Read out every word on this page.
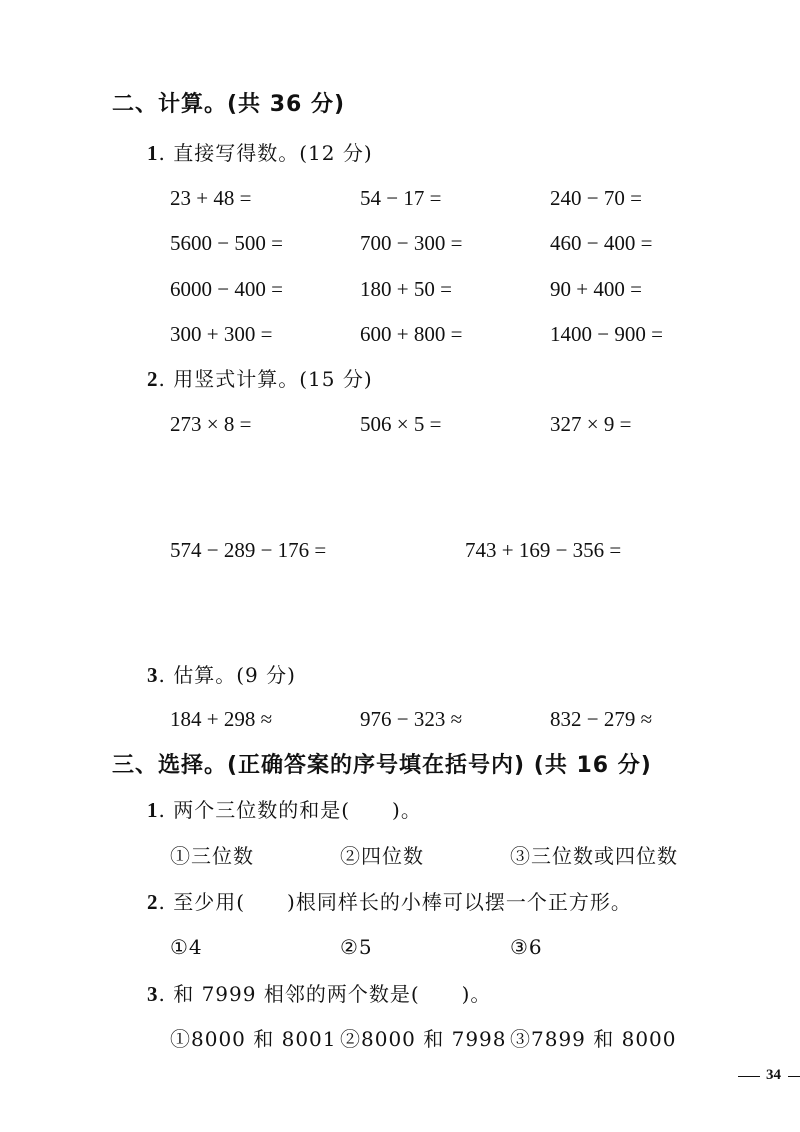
二、计算。(共 36 分)
1. 直接写得数。(12 分)
23 + 48 =	54 − 17 =	240 − 70 =
5600 − 500 =	700 − 300 =	460 − 400 =
6000 − 400 =	180 + 50 =	90 + 400 =
300 + 300 =	600 + 800 =	1400 − 900 =
2. 用竖式计算。(15 分)
273 × 8 =	506 × 5 =	327 × 9 =
574 − 289 − 176 =	743 + 169 − 356 =
3. 估算。(9 分)
184 + 298 ≈	976 − 323 ≈	832 − 279 ≈
三、选择。(正确答案的序号填在括号内) (共 16 分)
1. 两个三位数的和是(　　)。
①三位数	②四位数	③三位数或四位数
2. 至少用(　　)根同样长的小棒可以摆一个正方形。
①4	②5	③6
3. 和 7999 相邻的两个数是(　　)。
①8000 和 8001 ②8000 和 7998 ③7899 和 8000
34
